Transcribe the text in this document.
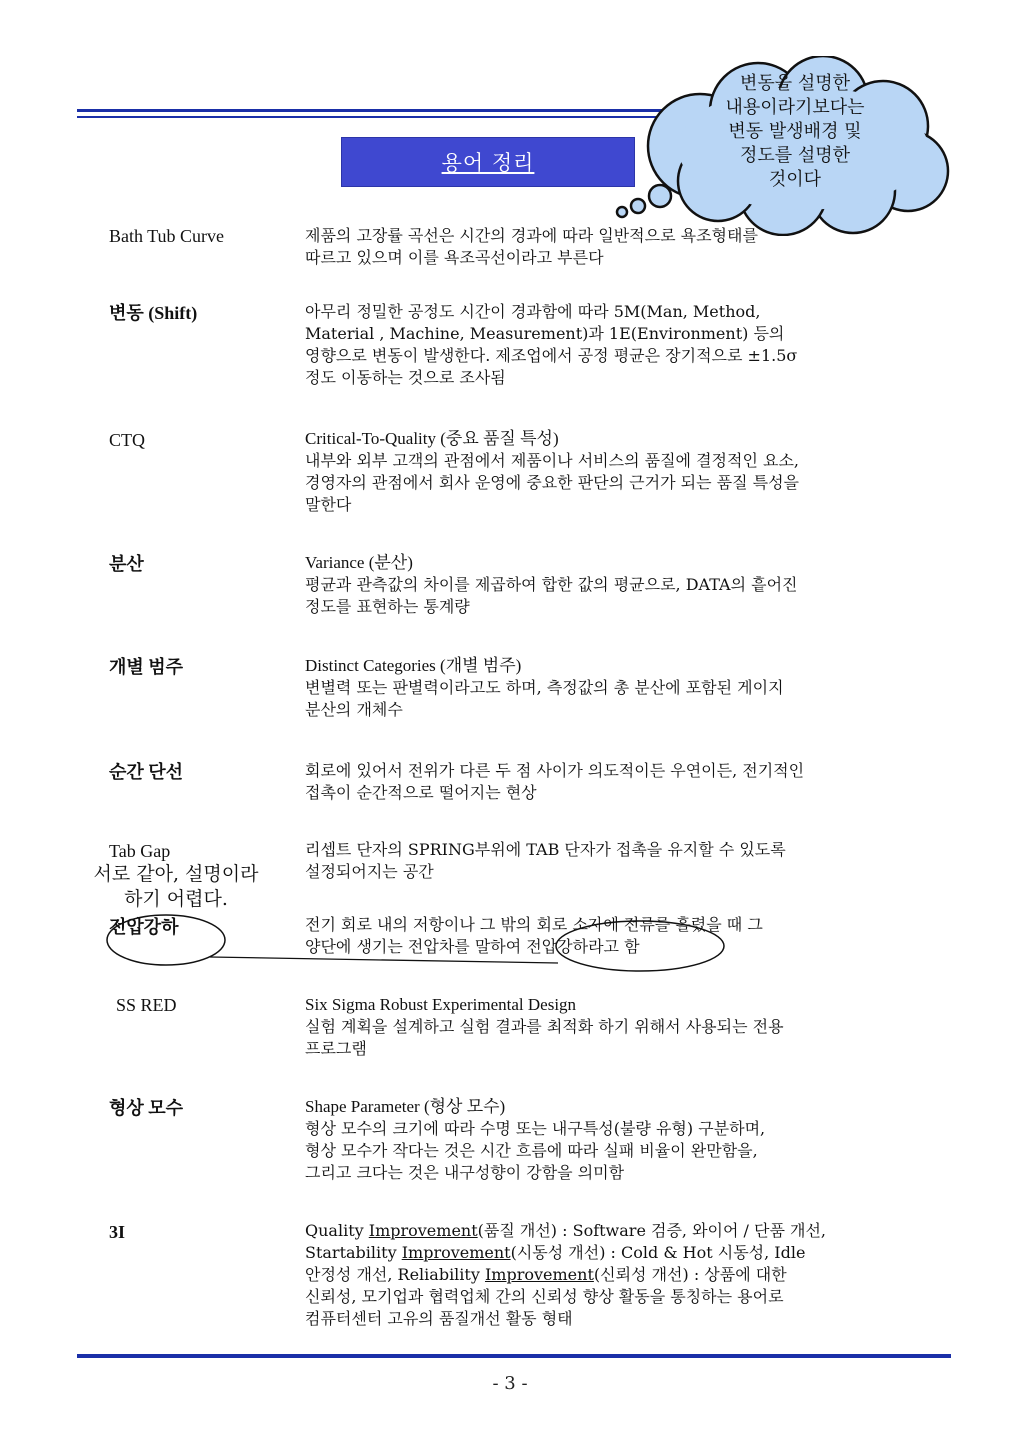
용어 정리
변동을 설명한
내용이라기보다는
변동 발생배경 및
정도를 설명한
것이다
Bath Tub Curve	제품의 고장률 곡선은 시간의 경과에 따라 일반적으로 욕조형태를
따르고 있으며 이를 욕조곡선이라고 부른다
변동 (Shift)	아무리 정밀한 공정도 시간이 경과함에 따라 5M(Man, Method,
Material , Machine, Measurement)과 1E(Environment) 등의
영향으로 변동이 발생한다. 제조업에서 공정 평균은 장기적으로 ±1.5σ
정도 이동하는 것으로 조사됨
CTQ	Critical-To-Quality (중요 품질 특성)
내부와 외부 고객의 관점에서 제품이나 서비스의 품질에 결정적인 요소,
경영자의 관점에서 회사 운영에 중요한 판단의 근거가 되는 품질 특성을
말한다
분산	Variance (분산)
평균과 관측값의 차이를 제곱하여 합한 값의 평균으로, DATA의 흩어진
정도를 표현하는 통계량
개별 범주	Distinct Categories (개별 범주)
변별력 또는 판별력이라고도 하며, 측정값의 총 분산에 포함된 게이지
분산의 개체수
순간 단선	회로에 있어서 전위가 다른 두 점 사이가 의도적이든 우연이든, 전기적인
접촉이 순간적으로 떨어지는 현상
Tab Gap	리셉트 단자의 SPRING부위에 TAB 단자가 접촉을 유지할 수 있도록
설정되어지는 공간
서로 같아, 설명이라
하기 어렵다.
전압강하	전기 회로 내의 저항이나 그 밖의 회로 소자에 전류를 흘렸을 때 그
양단에 생기는 전압차를 말하여 전압강하라고 함
SS RED	Six Sigma Robust Experimental Design
실험 계획을 설계하고 실험 결과를 최적화 하기 위해서 사용되는 전용
프로그램
형상 모수	Shape Parameter (형상 모수)
형상 모수의 크기에 따라 수명 또는 내구특성(불량 유형) 구분하며,
형상 모수가 작다는 것은 시간 흐름에 따라 실패 비율이 완만함을,
그리고 크다는 것은 내구성향이 강함을 의미함
3I	Quality Improvement(품질 개선) : Software 검증, 와이어 / 단품 개선,
Startability Improvement(시동성 개선) : Cold & Hot 시동성, Idle
안정성 개선, Reliability Improvement(신뢰성 개선) : 상품에 대한
신뢰성, 모기업과 협력업체 간의 신뢰성 향상 활동을 통칭하는 용어로
컴퓨터센터 고유의 품질개선 활동 형태
- 3 -
